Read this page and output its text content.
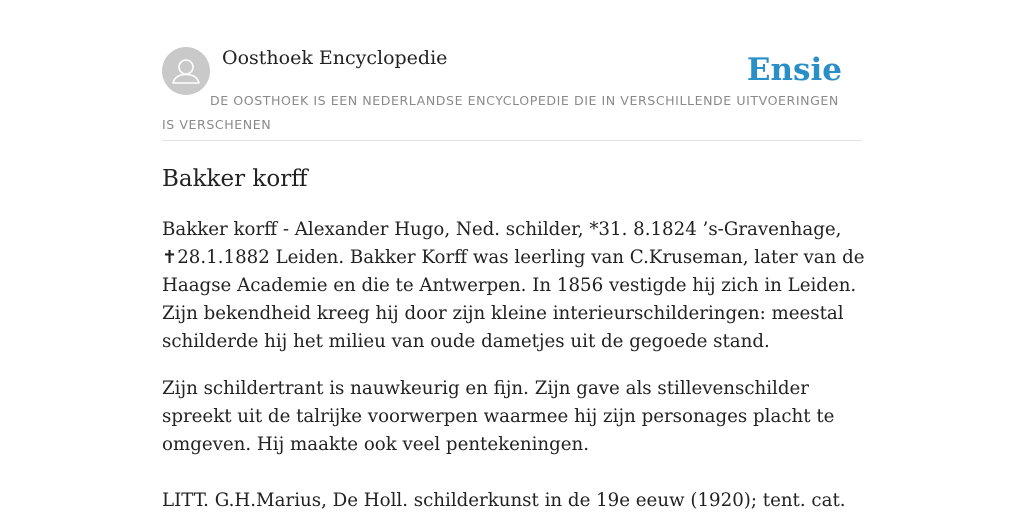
Oosthoek Encyclopedie	Ensie
DE OOSTHOEK IS EEN NEDERLANDSE ENCYCLOPEDIE DIE IN VERSCHILLENDE UITVOERINGEN IS VERSCHENEN
Bakker korff

Bakker korff - Alexander Hugo, Ned. schilder, *31. 8.1824 ’s-Gravenhage, ✝28.1.1882 Leiden. Bakker Korff was leerling van C.Kruseman, later van de Haagse Academie en die te Antwerpen. In 1856 vestigde hij zich in Leiden. Zijn bekendheid kreeg hij door zijn kleine interieurschilderingen: meestal schilderde hij het milieu van oude dametjes uit de gegoede stand.

Zijn schildertrant is nauwkeurig en fijn. Zijn gave als stillevenschilder spreekt uit de talrijke voorwerpen waarmee hij zijn personages placht te omgeven. Hij maakte ook veel pentekeningen.

LITT. G.H.Marius, De Holl. schilderkunst in de 19e eeuw (1920); tent. cat.
